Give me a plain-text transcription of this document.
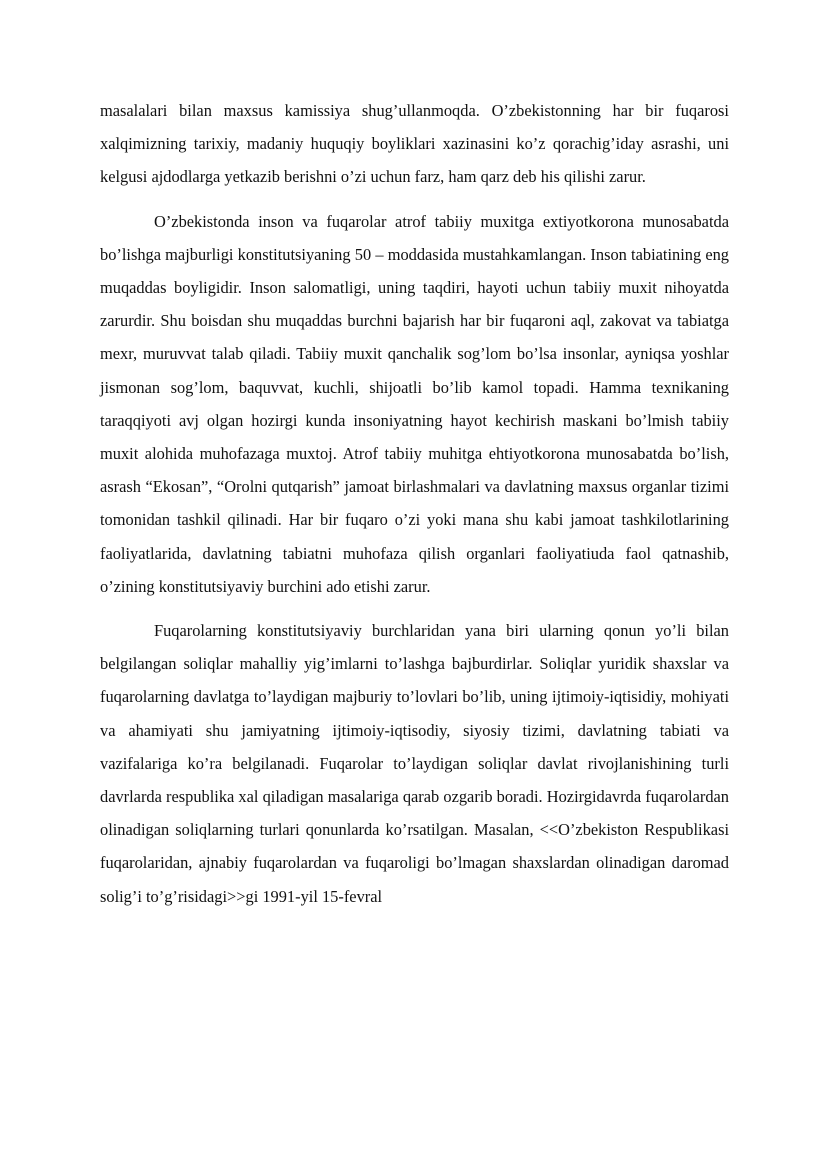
masalalari bilan maxsus kamissiya shug’ullanmoqda. O’zbekistonning har bir fuqarosi xalqimizning tarixiy, madaniy huquqiy boyliklari xazinasini ko’z qorachig’iday asrashi, uni kelgusi ajdodlarga yetkazib berishni o’zi uchun farz, ham qarz deb his qilishi zarur.

O’zbekistonda inson va fuqarolar atrof tabiiy muxitga extiyotkorona munosabatda bo’lishga majburligi konstitutsiyaning 50 – moddasida mustahkamlangan. Inson tabiatining eng muqaddas boyligidir. Inson salomatligi, uning taqdiri, hayoti uchun tabiiy muxit nihoyatda zarurdir. Shu boisdan shu muqaddas burchni bajarish har bir fuqaroni aql, zakovat va tabiatga mexr, muruvvat talab qiladi. Tabiiy muxit qanchalik sog’lom bo’lsa insonlar, ayniqsa yoshlar jismonan sog’lom, baquvvat, kuchli, shijoatli bo’lib kamol topadi. Hamma texnikaning taraqqiyoti avj olgan hozirgi kunda insoniyatning hayot kechirish maskani bo’lmish tabiiy muxit alohida muhofazaga muxtoj. Atrof tabiiy muhitga ehtiyotkorona munosabatda bo’lish, asrash “Ekosan”, “Orolni qutqarish” jamoat birlashmalari va davlatning maxsus organlar tizimi tomonidan tashkil qilinadi. Har bir fuqaro o’zi yoki mana shu kabi jamoat tashkilotlarining faoliyatlarida, davlatning tabiatni muhofaza qilish organlari faoliyatiuda faol qatnashib, o’zining konstitutsiyaviy burchini ado etishi zarur.

Fuqarolarning konstitutsiyaviy burchlaridan yana biri ularning qonun yo’li bilan belgilangan soliqlar mahalliy yig’imlarni to’lashga bajburdirlar. Soliqlar yuridik shaxslar va fuqarolarning davlatga to’laydigan majburiy to’lovlari bo’lib, uning ijtimoiy-iqtisidiy, mohiyati va ahamiyati shu jamiyatning ijtimoiy-iqtisodiy, siyosiy tizimi, davlatning tabiati va vazifalariga ko’ra belgilanadi. Fuqarolar to’laydigan soliqlar davlat rivojlanishining turli davrlarda respublika xal qiladigan masalariga qarab ozgarib boradi. Hozirgidavrda fuqarolardan olinadigan soliqlarning turlari qonunlarda ko’rsatilgan. Masalan, <<O’zbekiston Respublikasi fuqarolaridan, ajnabiy fuqarolardan va fuqaroligi bo’lmagan shaxslardan olinadigan daromad solig’i to’g’risidagi>>gi 1991-yil 15-fevral
